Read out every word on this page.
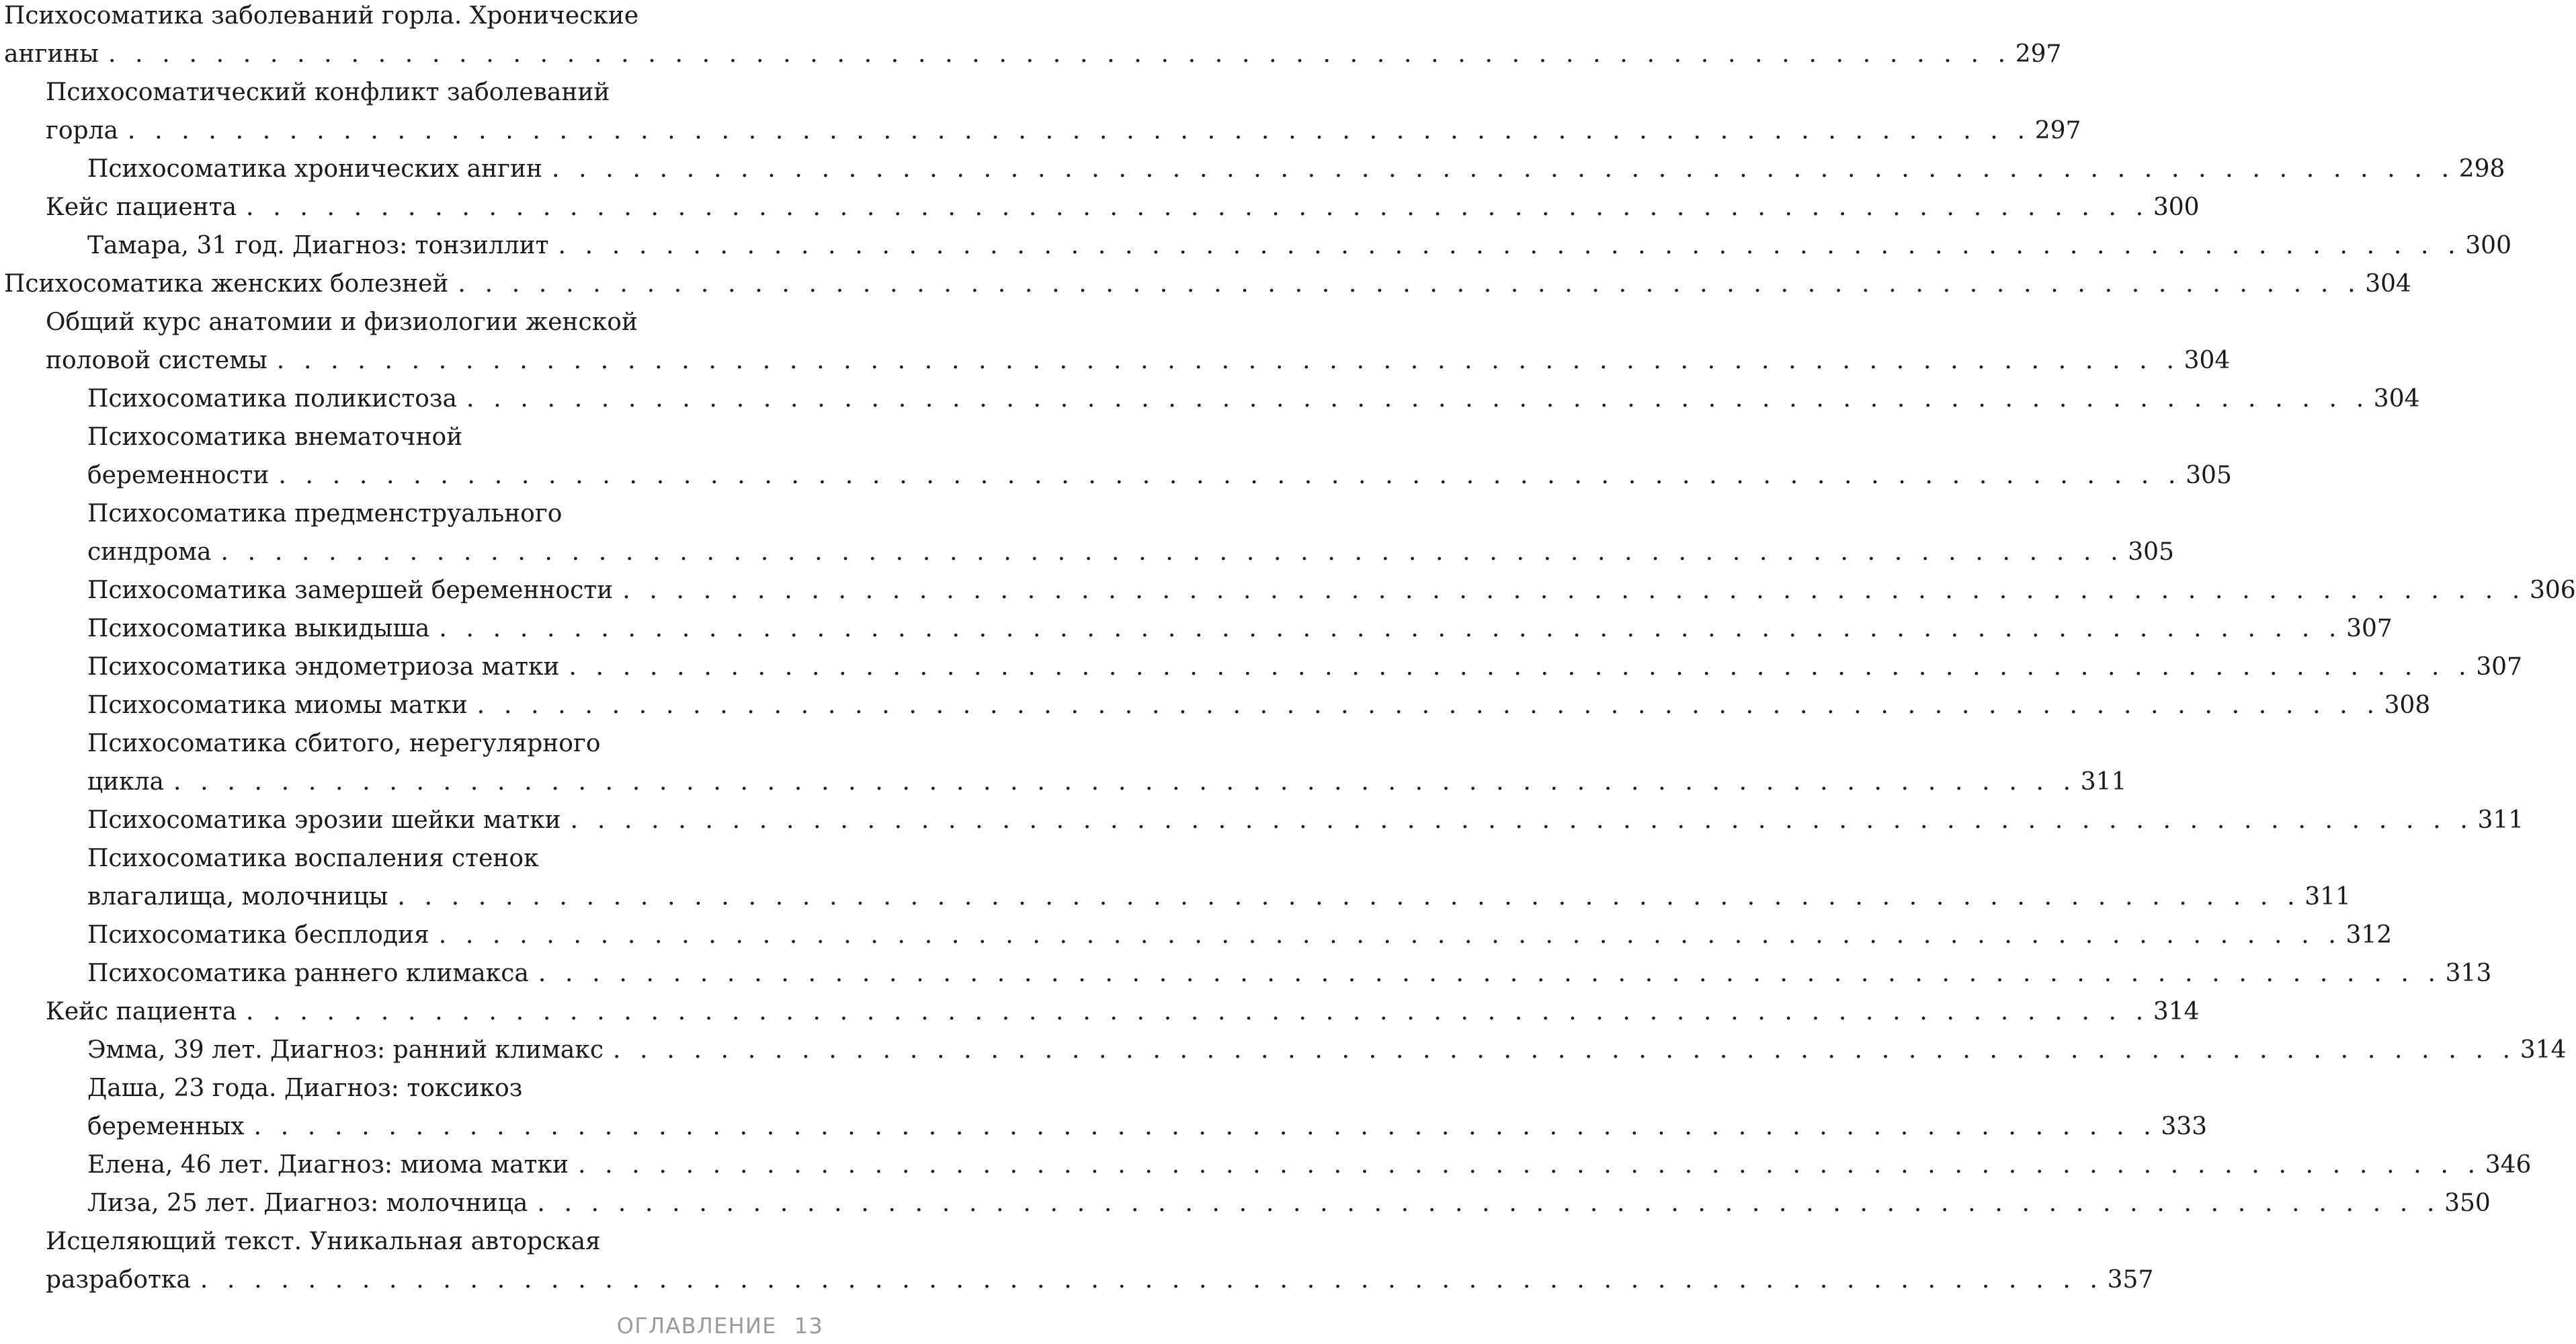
Психосоматика заболеваний горла. Хронические
ангины . . . . . . . . . . . . . . . . . . . . . . . . . . . . . . . . . . . . . . . . . . . . . . . . . . . . . . . . . . . . . . . . . . . . . . . 297
Психосоматический конфликт заболеваний
горла . . . . . . . . . . . . . . . . . . . . . . . . . . . . . . . . . . . . . . . . . . . . . . . . . . . . . . . . . . . . . . . . . . . . . . . 297
Психосоматика хронических ангин . . . . . . . . . . . . . . . . . . . . . . . . . . . . . . . . . . . . . . . . . . . . . . . . . . . . . . . . . . . . . . . . . . . . . . . 298
Кейс пациента . . . . . . . . . . . . . . . . . . . . . . . . . . . . . . . . . . . . . . . . . . . . . . . . . . . . . . . . . . . . . . . . . . . . . . . 300
Тамара, 31 год. Диагноз: тонзиллит . . . . . . . . . . . . . . . . . . . . . . . . . . . . . . . . . . . . . . . . . . . . . . . . . . . . . . . . . . . . . . . . . . . . . . . 300
Психосоматика женских болезней . . . . . . . . . . . . . . . . . . . . . . . . . . . . . . . . . . . . . . . . . . . . . . . . . . . . . . . . . . . . . . . . . . . . . . . 304
Общий курс анатомии и физиологии женской
половой системы . . . . . . . . . . . . . . . . . . . . . . . . . . . . . . . . . . . . . . . . . . . . . . . . . . . . . . . . . . . . . . . . . . . . . . . 304
Психосоматика поликистоза . . . . . . . . . . . . . . . . . . . . . . . . . . . . . . . . . . . . . . . . . . . . . . . . . . . . . . . . . . . . . . . . . . . . . . . 304
Психосоматика внематочной
беременности . . . . . . . . . . . . . . . . . . . . . . . . . . . . . . . . . . . . . . . . . . . . . . . . . . . . . . . . . . . . . . . . . . . . . . . 305
Психосоматика предменструального
синдрома . . . . . . . . . . . . . . . . . . . . . . . . . . . . . . . . . . . . . . . . . . . . . . . . . . . . . . . . . . . . . . . . . . . . . . . 305
Психосоматика замершей беременности . . . . . . . . . . . . . . . . . . . . . . . . . . . . . . . . . . . . . . . . . . . . . . . . . . . . . . . . . . . . . . . . . . . . . . . 306
Психосоматика выкидыша . . . . . . . . . . . . . . . . . . . . . . . . . . . . . . . . . . . . . . . . . . . . . . . . . . . . . . . . . . . . . . . . . . . . . . . 307
Психосоматика эндометриоза матки . . . . . . . . . . . . . . . . . . . . . . . . . . . . . . . . . . . . . . . . . . . . . . . . . . . . . . . . . . . . . . . . . . . . . . . 307
Психосоматика миомы матки . . . . . . . . . . . . . . . . . . . . . . . . . . . . . . . . . . . . . . . . . . . . . . . . . . . . . . . . . . . . . . . . . . . . . . . 308
Психосоматика сбитого, нерегулярного
цикла . . . . . . . . . . . . . . . . . . . . . . . . . . . . . . . . . . . . . . . . . . . . . . . . . . . . . . . . . . . . . . . . . . . . . . . 311
Психосоматика эрозии шейки матки . . . . . . . . . . . . . . . . . . . . . . . . . . . . . . . . . . . . . . . . . . . . . . . . . . . . . . . . . . . . . . . . . . . . . . . 311
Психосоматика воспаления стенок
влагалища, молочницы . . . . . . . . . . . . . . . . . . . . . . . . . . . . . . . . . . . . . . . . . . . . . . . . . . . . . . . . . . . . . . . . . . . . . . . 311
Психосоматика бесплодия . . . . . . . . . . . . . . . . . . . . . . . . . . . . . . . . . . . . . . . . . . . . . . . . . . . . . . . . . . . . . . . . . . . . . . . 312
Психосоматика раннего климакса . . . . . . . . . . . . . . . . . . . . . . . . . . . . . . . . . . . . . . . . . . . . . . . . . . . . . . . . . . . . . . . . . . . . . . . 313
Кейс пациента . . . . . . . . . . . . . . . . . . . . . . . . . . . . . . . . . . . . . . . . . . . . . . . . . . . . . . . . . . . . . . . . . . . . . . . 314
Эмма, 39 лет. Диагноз: ранний климакс . . . . . . . . . . . . . . . . . . . . . . . . . . . . . . . . . . . . . . . . . . . . . . . . . . . . . . . . . . . . . . . . . . . . . . . 314
Даша, 23 года. Диагноз: токсикоз
беременных . . . . . . . . . . . . . . . . . . . . . . . . . . . . . . . . . . . . . . . . . . . . . . . . . . . . . . . . . . . . . . . . . . . . . . . 333
Елена, 46 лет. Диагноз: миома матки . . . . . . . . . . . . . . . . . . . . . . . . . . . . . . . . . . . . . . . . . . . . . . . . . . . . . . . . . . . . . . . . . . . . . . . 346
Лиза, 25 лет. Диагноз: молочница . . . . . . . . . . . . . . . . . . . . . . . . . . . . . . . . . . . . . . . . . . . . . . . . . . . . . . . . . . . . . . . . . . . . . . . 350
Исцеляющий текст. Уникальная авторская
разработка . . . . . . . . . . . . . . . . . . . . . . . . . . . . . . . . . . . . . . . . . . . . . . . . . . . . . . . . . . . . . . . . . . . . . . . 357
ОГЛАВЛЕНИЕ 13
